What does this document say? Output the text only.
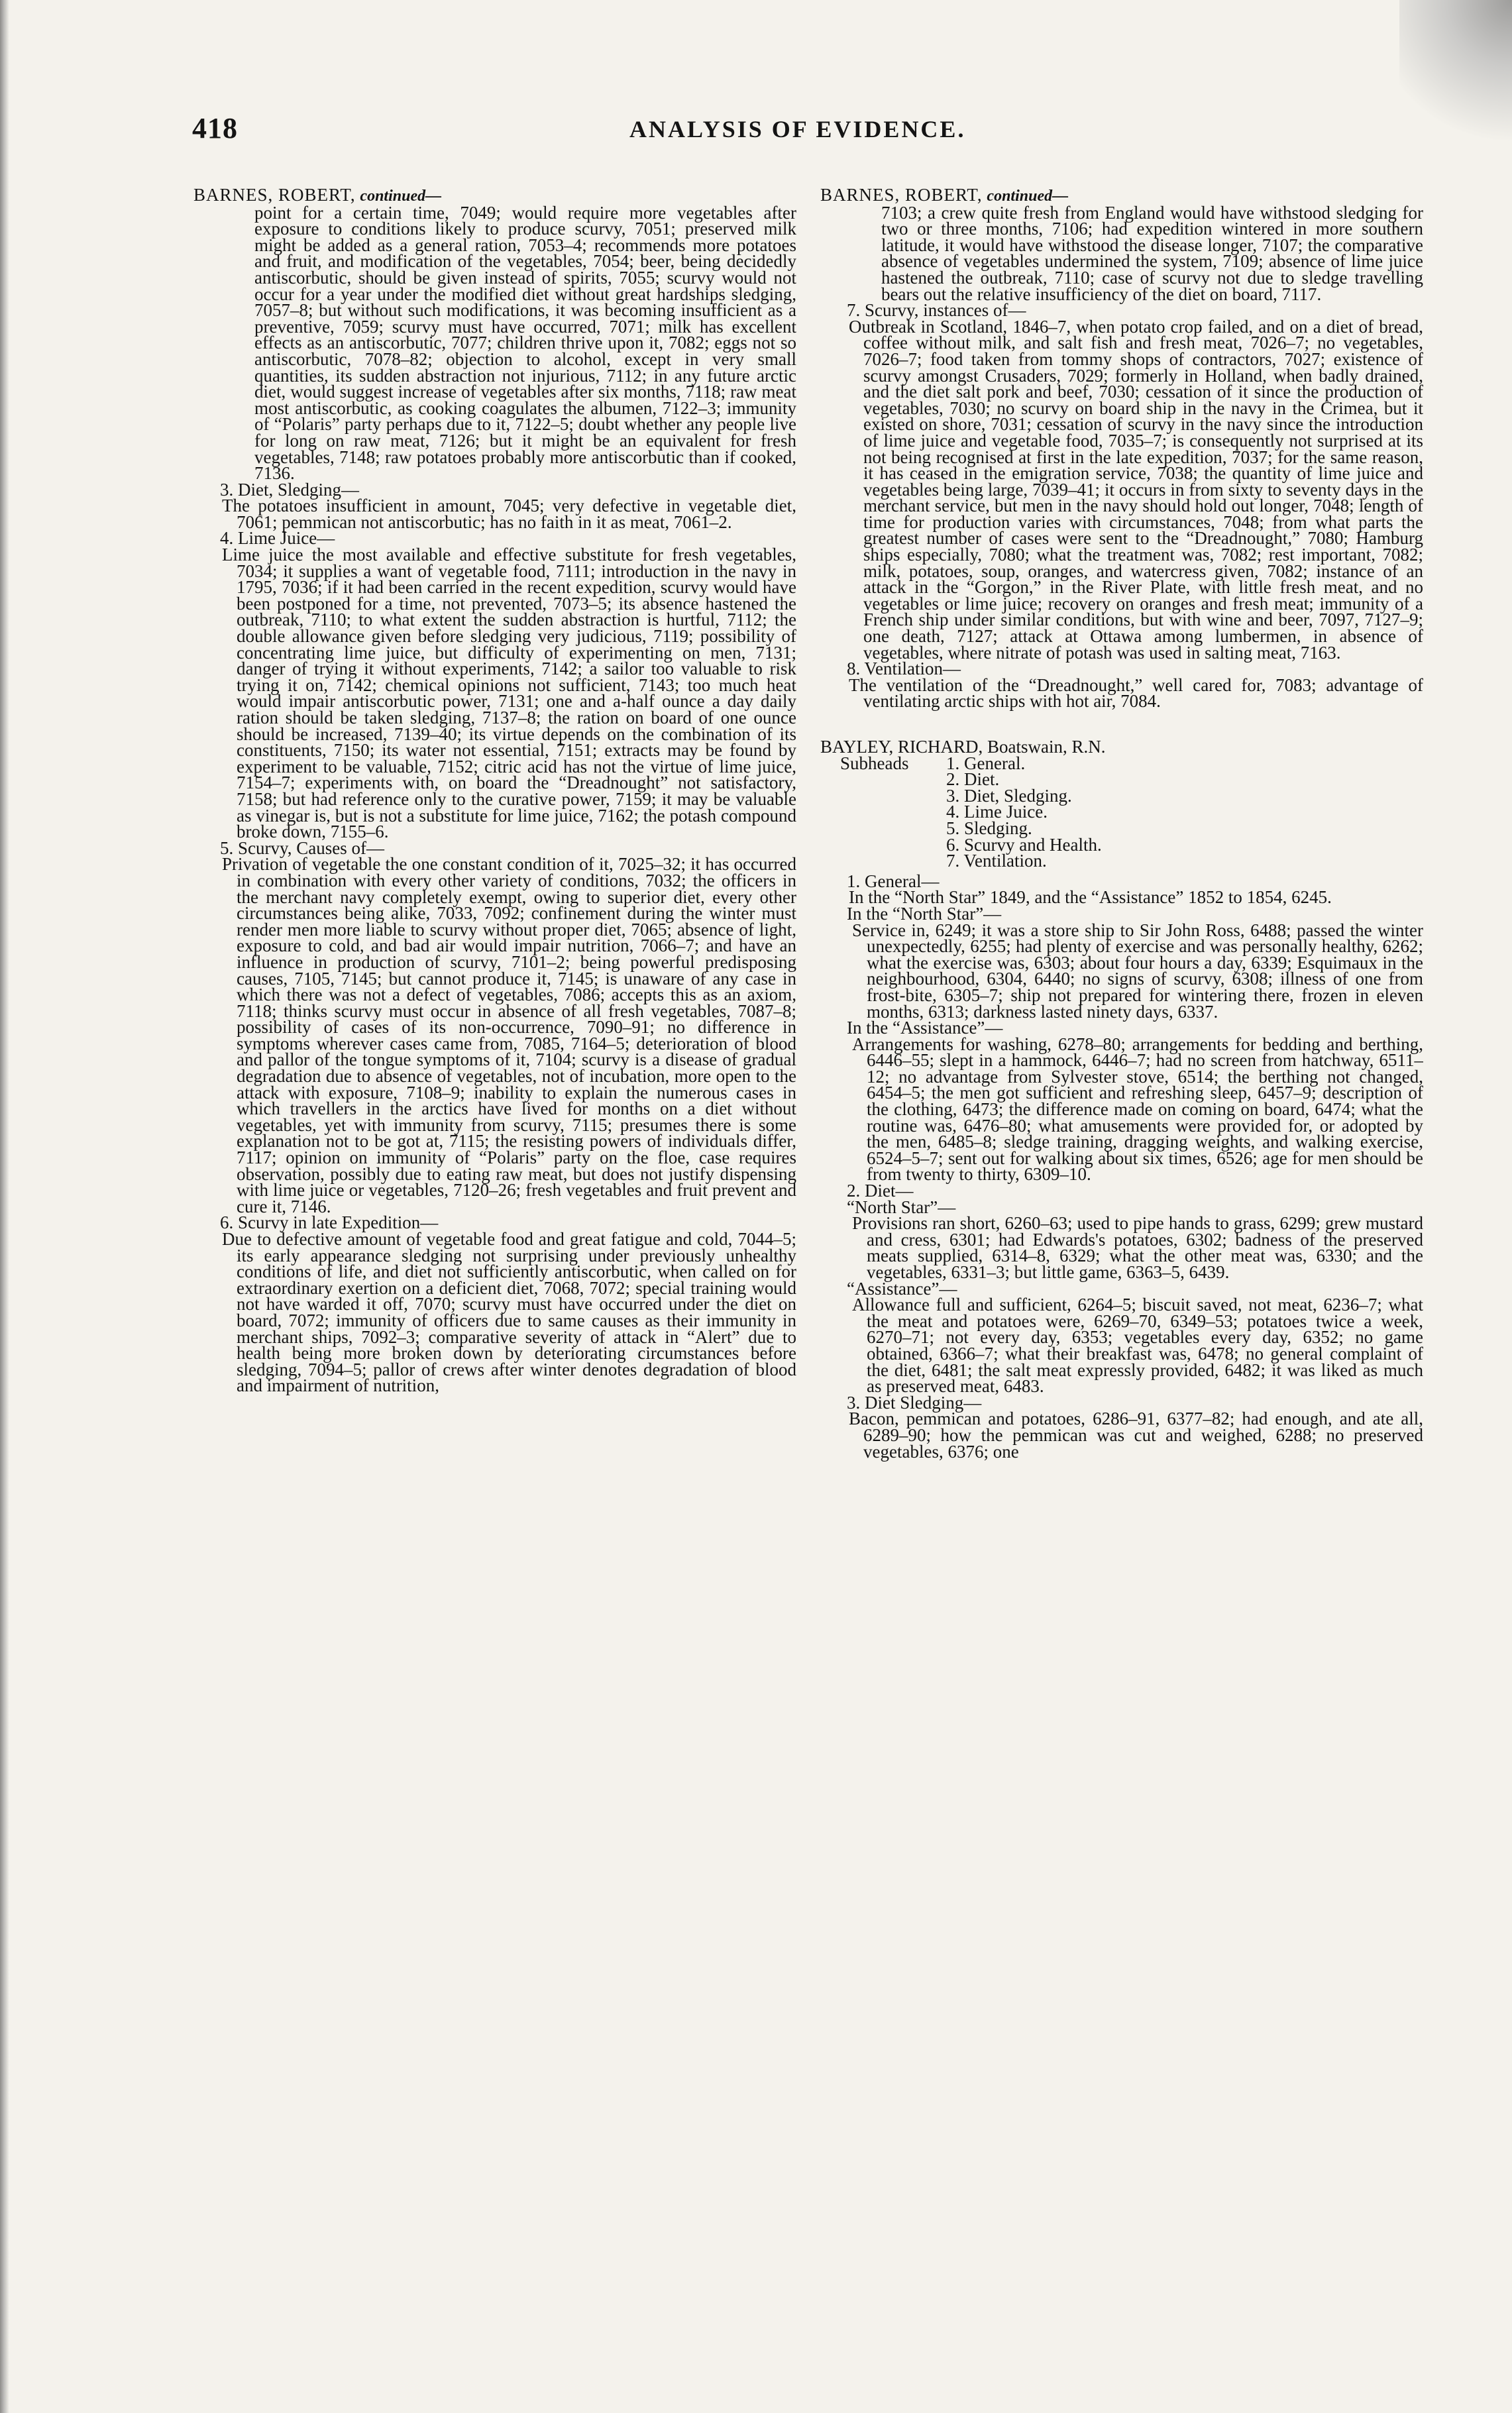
418	ANALYSIS OF EVIDENCE.

BARNES, ROBERT, continued—

point for a certain time, 7049; would require more vegetables after exposure to conditions likely to produce scurvy, 7051; preserved milk might be added as a general ration, 7053–4; recommends more potatoes and fruit, and modification of the vegetables, 7054; beer, being decidedly antiscorbutic, should be given instead of spirits, 7055; scurvy would not occur for a year under the modified diet without great hardships sledging, 7057–8; but without such modifications, it was becoming insufficient as a preventive, 7059; scurvy must have occurred, 7071; milk has excellent effects as an antiscorbutic, 7077; children thrive upon it, 7082; eggs not so antiscorbutic, 7078–82; objection to alcohol, except in very small quantities, its sudden abstraction not injurious, 7112; in any future arctic diet, would suggest increase of vegetables after six months, 7118; raw meat most antiscorbutic, as cooking coagulates the albumen, 7122–3; immunity of “Polaris” party perhaps due to it, 7122–5; doubt whether any people live for long on raw meat, 7126; but it might be an equivalent for fresh vegetables, 7148; raw potatoes probably more antiscorbutic than if cooked, 7136.

3. Diet, Sledging—

The potatoes insufficient in amount, 7045; very defective in vegetable diet, 7061; pemmican not antiscorbutic; has no faith in it as meat, 7061–2.

4. Lime Juice—

Lime juice the most available and effective substitute for fresh vegetables, 7034; it supplies a want of vegetable food, 7111; introduction in the navy in 1795, 7036; if it had been carried in the recent expedition, scurvy would have been postponed for a time, not prevented, 7073–5; its absence hastened the outbreak, 7110; to what extent the sudden abstraction is hurtful, 7112; the double allowance given before sledging very judicious, 7119; possibility of concentrating lime juice, but difficulty of experimenting on men, 7131; danger of trying it without experiments, 7142; a sailor too valuable to risk trying it on, 7142; chemical opinions not sufficient, 7143; too much heat would impair antiscorbutic power, 7131; one and a-half ounce a day daily ration should be taken sledging, 7137–8; the ration on board of one ounce should be increased, 7139–40; its virtue depends on the combination of its constituents, 7150; its water not essential, 7151; extracts may be found by experiment to be valuable, 7152; citric acid has not the virtue of lime juice, 7154–7; experiments with, on board the “Dreadnought” not satisfactory, 7158; but had reference only to the curative power, 7159; it may be valuable as vinegar is, but is not a substitute for lime juice, 7162; the potash compound broke down, 7155–6.

5. Scurvy, Causes of—

Privation of vegetable the one constant condition of it, 7025–32; it has occurred in combination with every other variety of conditions, 7032; the officers in the merchant navy completely exempt, owing to superior diet, every other circumstances being alike, 7033, 7092; confinement during the winter must render men more liable to scurvy without proper diet, 7065; absence of light, exposure to cold, and bad air would impair nutrition, 7066–7; and have an influence in production of scurvy, 7101–2; being powerful predisposing causes, 7105, 7145; but cannot produce it, 7145; is unaware of any case in which there was not a defect of vegetables, 7086; accepts this as an axiom, 7118; thinks scurvy must occur in absence of all fresh vegetables, 7087–8; possibility of cases of its non-occurrence, 7090–91; no difference in symptoms wherever cases came from, 7085, 7164–5; deterioration of blood and pallor of the tongue symptoms of it, 7104; scurvy is a disease of gradual degradation due to absence of vegetables, not of incubation, more open to the attack with exposure, 7108–9; inability to explain the numerous cases in which travellers in the arctics have lived for months on a diet without vegetables, yet with immunity from scurvy, 7115; presumes there is some explanation not to be got at, 7115; the resisting powers of individuals differ, 7117; opinion on immunity of “Polaris” party on the floe, case requires observation, possibly due to eating raw meat, but does not justify dispensing with lime juice or vegetables, 7120–26; fresh vegetables and fruit prevent and cure it, 7146.

6. Scurvy in late Expedition—

Due to defective amount of vegetable food and great fatigue and cold, 7044–5; its early appearance sledging not surprising under previously unhealthy conditions of life, and diet not sufficiently antiscorbutic, when called on for extraordinary exertion on a deficient diet, 7068, 7072; special training would not have warded it off, 7070; scurvy must have occurred under the diet on board, 7072; immunity of officers due to same causes as their immunity in merchant ships, 7092–3; comparative severity of attack in “Alert” due to health being more broken down by deteriorating circumstances before sledging, 7094–5; pallor of crews after winter denotes degradation of blood and impairment of nutrition,

BARNES, ROBERT, continued—

7103; a crew quite fresh from England would have withstood sledging for two or three months, 7106; had expedition wintered in more southern latitude, it would have withstood the disease longer, 7107; the comparative absence of vegetables undermined the system, 7109; absence of lime juice hastened the outbreak, 7110; case of scurvy not due to sledge travelling bears out the relative insufficiency of the diet on board, 7117.

7. Scurvy, instances of—

Outbreak in Scotland, 1846–7, when potato crop failed, and on a diet of bread, coffee without milk, and salt fish and fresh meat, 7026–7; no vegetables, 7026–7; food taken from tommy shops of contractors, 7027; existence of scurvy amongst Crusaders, 7029; formerly in Holland, when badly drained, and the diet salt pork and beef, 7030; cessation of it since the production of vegetables, 7030; no scurvy on board ship in the navy in the Crimea, but it existed on shore, 7031; cessation of scurvy in the navy since the introduction of lime juice and vegetable food, 7035–7; is consequently not surprised at its not being recognised at first in the late expedition, 7037; for the same reason, it has ceased in the emigration service, 7038; the quantity of lime juice and vegetables being large, 7039–41; it occurs in from sixty to seventy days in the merchant service, but men in the navy should hold out longer, 7048; length of time for production varies with circumstances, 7048; from what parts the greatest number of cases were sent to the “Dreadnought,” 7080; Hamburg ships especially, 7080; what the treatment was, 7082; rest important, 7082; milk, potatoes, soup, oranges, and watercress given, 7082; instance of an attack in the “Gorgon,” in the River Plate, with little fresh meat, and no vegetables or lime juice; recovery on oranges and fresh meat; immunity of a French ship under similar conditions, but with wine and beer, 7097, 7127–9; one death, 7127; attack at Ottawa among lumbermen, in absence of vegetables, where nitrate of potash was used in salting meat, 7163.

8. Ventilation—

The ventilation of the “Dreadnought,” well cared for, 7083; advantage of ventilating arctic ships with hot air, 7084.

BAYLEY, RICHARD, Boatswain, R.N.

Subheads 1. General.
2. Diet.
3. Diet, Sledging.
4. Lime Juice.
5. Sledging.
6. Scurvy and Health.
7. Ventilation.

1. General—

In the “North Star” 1849, and the “Assistance” 1852 to 1854, 6245.

In the “North Star”—

Service in, 6249; it was a store ship to Sir John Ross, 6488; passed the winter unexpectedly, 6255; had plenty of exercise and was personally healthy, 6262; what the exercise was, 6303; about four hours a day, 6339; Esquimaux in the neighbourhood, 6304, 6440; no signs of scurvy, 6308; illness of one from frost-bite, 6305–7; ship not prepared for wintering there, frozen in eleven months, 6313; darkness lasted ninety days, 6337.

In the “Assistance”—

Arrangements for washing, 6278–80; arrangements for bedding and berthing, 6446–55; slept in a hammock, 6446–7; had no screen from hatchway, 6511–12; no advantage from Sylvester stove, 6514; the berthing not changed, 6454–5; the men got sufficient and refreshing sleep, 6457–9; description of the clothing, 6473; the difference made on coming on board, 6474; what the routine was, 6476–80; what amusements were provided for, or adopted by the men, 6485–8; sledge training, dragging weights, and walking exercise, 6524–5–7; sent out for walking about six times, 6526; age for men should be from twenty to thirty, 6309–10.

2. Diet—

“North Star”—

Provisions ran short, 6260–63; used to pipe hands to grass, 6299; grew mustard and cress, 6301; had Edwards's potatoes, 6302; badness of the preserved meats supplied, 6314–8, 6329; what the other meat was, 6330; and the vegetables, 6331–3; but little game, 6363–5, 6439.

“Assistance”—

Allowance full and sufficient, 6264–5; biscuit saved, not meat, 6236–7; what the meat and potatoes were, 6269–70, 6349–53; potatoes twice a week, 6270–71; not every day, 6353; vegetables every day, 6352; no game obtained, 6366–7; what their breakfast was, 6478; no general complaint of the diet, 6481; the salt meat expressly provided, 6482; it was liked as much as preserved meat, 6483.

3. Diet Sledging—

Bacon, pemmican and potatoes, 6286–91, 6377–82; had enough, and ate all, 6289–90; how the pemmican was cut and weighed, 6288; no preserved vegetables, 6376; one
